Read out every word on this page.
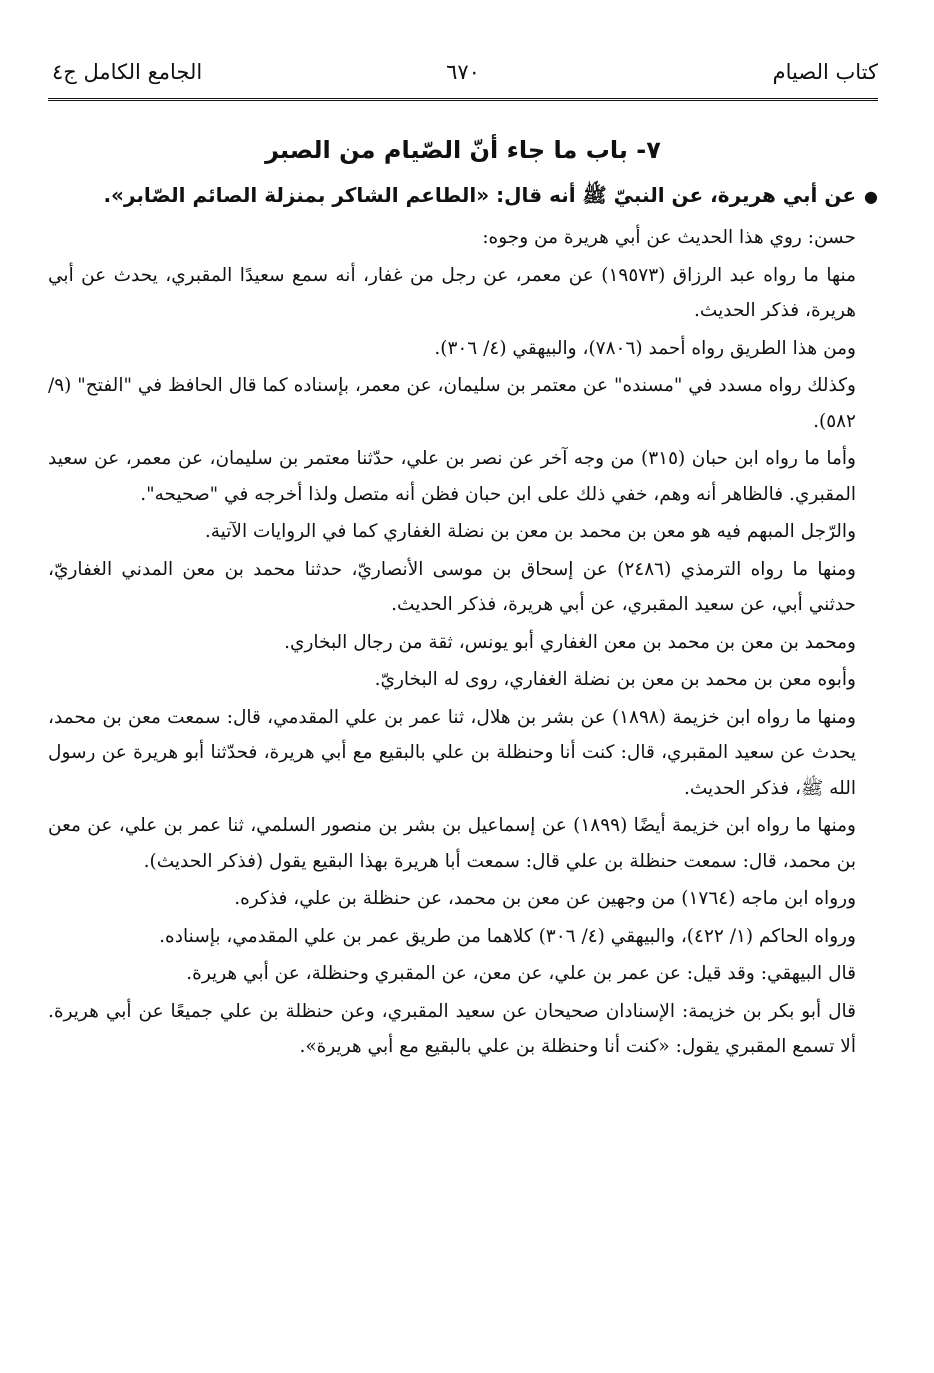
كتاب الصيام
٦٧٠
الجامع الكامل ج٤
٧- باب ما جاء أنّ الصّيام من الصبر
●عن أبي هريرة، عن النبيّ ﷺ أنه قال: «الطاعم الشاكر بمنزلة الصائم الصّابر».

حسن: روي هذا الحديث عن أبي هريرة من وجوه:

منها ما رواه عبد الرزاق (١٩٥٧٣) عن معمر، عن رجل من غفار، أنه سمع سعيدًا المقبري، يحدث عن أبي هريرة، فذكر الحديث.

ومن هذا الطريق رواه أحمد (٧٨٠٦)، والبيهقي (٤/ ٣٠٦).

وكذلك رواه مسدد في "مسنده" عن معتمر بن سليمان، عن معمر، بإسناده كما قال الحافظ في "الفتح" (٩/ ٥٨٢).

وأما ما رواه ابن حبان (٣١٥) من وجه آخر عن نصر بن علي، حدّثنا معتمر بن سليمان، عن معمر، عن سعيد المقبري. فالظاهر أنه وهم، خفي ذلك على ابن حبان فظن أنه متصل ولذا أخرجه في "صحيحه".

والرّجل المبهم فيه هو معن بن محمد بن معن بن نضلة الغفاري كما في الروايات الآتية.

ومنها ما رواه الترمذي (٢٤٨٦) عن إسحاق بن موسى الأنصاريّ، حدثنا محمد بن معن المدني الغفاريّ، حدثني أبي، عن سعيد المقبري، عن أبي هريرة، فذكر الحديث.

ومحمد بن معن بن محمد بن معن الغفاري أبو يونس، ثقة من رجال البخاري.

وأبوه معن بن محمد بن معن بن نضلة الغفاري، روى له البخاريّ.

ومنها ما رواه ابن خزيمة (١٨٩٨) عن بشر بن هلال، ثنا عمر بن علي المقدمي، قال: سمعت معن بن محمد، يحدث عن سعيد المقبري، قال: كنت أنا وحنظلة بن علي بالبقيع مع أبي هريرة، فحدّثنا أبو هريرة عن رسول الله ﷺ، فذكر الحديث.

ومنها ما رواه ابن خزيمة أيضًا (١٨٩٩) عن إسماعيل بن بشر بن منصور السلمي، ثنا عمر بن علي، عن معن بن محمد، قال: سمعت حنظلة بن علي قال: سمعت أبا هريرة بهذا البقيع يقول (فذكر الحديث).

ورواه ابن ماجه (١٧٦٤) من وجهين عن معن بن محمد، عن حنظلة بن علي، فذكره.

ورواه الحاكم (١/ ٤٢٢)، والبيهقي (٤/ ٣٠٦) كلاهما من طريق عمر بن علي المقدمي، بإسناده.

قال البيهقي: وقد قيل: عن عمر بن علي، عن معن، عن المقبري وحنظلة، عن أبي هريرة.

قال أبو بكر بن خزيمة: الإسنادان صحيحان عن سعيد المقبري، وعن حنظلة بن علي جميعًا عن أبي هريرة. ألا تسمع المقبري يقول: «كنت أنا وحنظلة بن علي بالبقيع مع أبي هريرة».
